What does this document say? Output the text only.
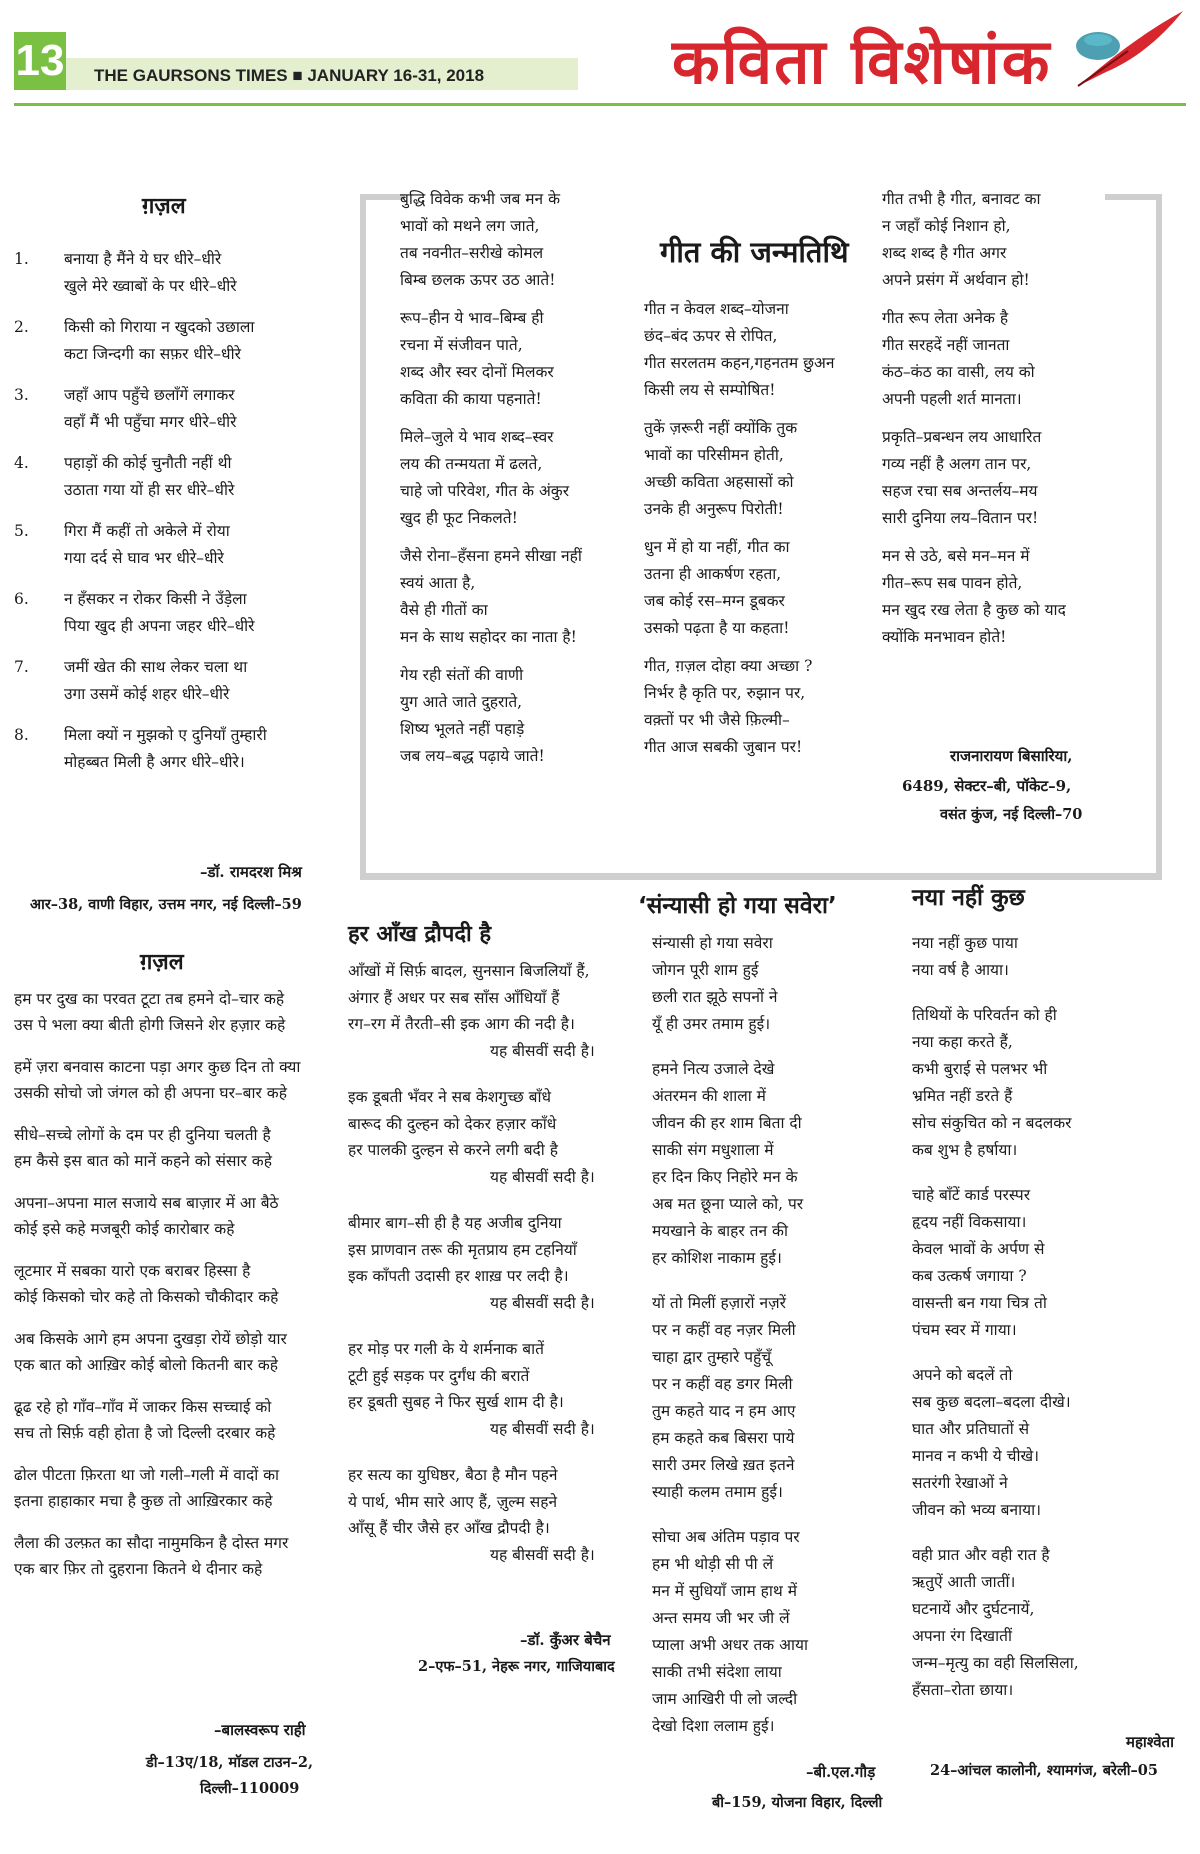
13 THE GAURSONS TIMES ■ JANUARY 16-31, 2018	कविता विशेषांक
ग़ज़ल
1.	बनाया है मैंने ये घर धीरे–धीरे
खुले मेरे ख्वाबों के पर धीरे–धीरे
2.	किसी को गिराया न खुदको उछाला
कटा जिन्दगी का सफ़र धीरे–धीरे
3.	जहाँ आप पहुँचे छलाँगें लगाकर
वहाँ मैं भी पहुँचा मगर धीरे–धीरे
4.	पहाड़ों की कोई चुनौती नहीं थी
उठाता गया यों ही सर धीरे–धीरे
5.	गिरा मैं कहीं तो अकेले में रोया
गया दर्द से घाव भर धीरे–धीरे
6.	न हँसकर न रोकर किसी ने उँड़ेला
पिया खुद ही अपना जहर धीरे–धीरे
7.	जमीं खेत की साथ लेकर चला था
उगा उसमें कोई शहर धीरे–धीरे
8.	मिला क्यों न मुझको ए दुनियाँ तुम्हारी
मोहब्बत मिली है अगर धीरे–धीरे।
–डॉ. रामदरश मिश्र
आर–38, वाणी विहार, उत्तम नगर, नई दिल्ली–59
ग़ज़ल
हम पर दुख का परवत टूटा तब हमने दो–चार कहे
उस पे भला क्या बीती होगी जिसने शेर हज़ार कहे
हमें ज़रा बनवास काटना पड़ा अगर कुछ दिन तो क्या
उसकी सोचो जो जंगल को ही अपना घर–बार कहे
सीधे–सच्चे लोगों के दम पर ही दुनिया चलती है
हम कैसे इस बात को मानें कहने को संसार कहे
अपना–अपना माल सजाये सब बाज़ार में आ बैठे
कोई इसे कहे मजबूरी कोई कारोबार कहे
लूटमार में सबका यारो एक बराबर हिस्सा है
कोई किसको चोर कहे तो किसको चौकीदार कहे
अब किसके आगे हम अपना दुखड़ा रोयें छोड़ो यार
एक बात को आख़िर कोई बोलो कितनी बार कहे
ढूढ रहे हो गाँव–गाँव में जाकर किस सच्चाई को
सच तो सिर्फ़ वही होता है जो दिल्ली दरबार कहे
ढोल पीटता फ़िरता था जो गली–गली में वादों का
इतना हाहाकार मचा है कुछ तो आख़िरकार कहे
लैला की उल्फ़त का सौदा नामुमकिन है दोस्त मगर
एक बार फ़िर तो दुहराना कितने थे दीनार कहे
–बालस्वरूप राही
डी–13ए/18, मॉडल टाउन–2,
दिल्ली–110009
गीत की जन्मतिथि
बुद्धि विवेक कभी जब मन के
भावों को मथने लग जाते,
तब नवनीत–सरीखे कोमल
बिम्ब छलक ऊपर उठ आते!
रूप–हीन ये भाव–बिम्ब ही
रचना में संजीवन पाते,
शब्द और स्वर दोनों मिलकर
कविता की काया पहनाते!
मिले–जुले ये भाव शब्द–स्वर
लय की तन्मयता में ढलते,
चाहे जो परिवेश, गीत के अंकुर
खुद ही फूट निकलते!
जैसे रोना–हँसना हमने सीखा नहीं
स्वयं आता है,
वैसे ही गीतों का
मन के साथ सहोदर का नाता है!
गेय रही संतों की वाणी
युग आते जाते दुहराते,
शिष्य भूलते नहीं पहाड़े
जब लय–बद्ध पढ़ाये जाते!
गीत न केवल शब्द–योजना
छंद–बंद ऊपर से रोपित,
गीत सरलतम कहन,गहनतम छुअन
किसी लय से सम्पोषित!
तुकें ज़रूरी नहीं क्योंकि तुक
भावों का परिसीमन होती,
अच्छी कविता अहसासों को
उनके ही अनुरूप पिरोती!
धुन में हो या नहीं, गीत का
उतना ही आकर्षण रहता,
जब कोई रस–मग्न डूबकर
उसको पढ़ता है या कहता!
गीत, ग़ज़ल दोहा क्या अच्छा ?
निर्भर है कृति पर, रुझान पर,
वक़्तों पर भी जैसे फ़िल्मी–
गीत आज सबकी जुबान पर!
गीत तभी है गीत, बनावट का
न जहाँ कोई निशान हो,
शब्द शब्द है गीत अगर
अपने प्रसंग में अर्थवान हो!
गीत रूप लेता अनेक है
गीत सरहदें नहीं जानता
कंठ–कंठ का वासी, लय को
अपनी पहली शर्त मानता।
प्रकृति–प्रबन्धन लय आधारित
गव्य नहीं है अलग तान पर,
सहज रचा सब अन्तर्लय–मय
सारी दुनिया लय–वितान पर!
मन से उठे, बसे मन–मन में
गीत–रूप सब पावन होते,
मन खुद रख लेता है कुछ को याद
क्योंकि मनभावन होते!
राजनारायण बिसारिया,
6489, सेक्टर–बी, पॉकेट–9,
वसंत कुंज, नई दिल्ली–70
हर आँख द्रौपदी है
आँखों में सिर्फ़ बादल, सुनसान बिजलियाँ हैं,
अंगार हैं अधर पर सब साँस आँधियाँ हैं
रग–रग में तैरती–सी इक आग की नदी है।
यह बीसवीं सदी है।
इक डूबती भँवर ने सब केशगुच्छ बाँधे
बारूद की दुल्हन को देकर हज़ार काँधे
हर पालकी दुल्हन से करने लगी बदी है
यह बीसवीं सदी है।
बीमार बाग–सी ही है यह अजीब दुनिया
इस प्राणवान तरू की मृतप्राय हम टहनियाँ
इक काँपती उदासी हर शाख़ पर लदी है।
यह बीसवीं सदी है।
हर मोड़ पर गली के ये शर्मनाक बातें
टूटी हुई सड़क पर दुर्गंध की बरातें
हर डूबती सुबह ने फिर सुर्ख शाम दी है।
यह बीसवीं सदी है।
हर सत्य का युधिष्ठर, बैठा है मौन पहने
ये पार्थ, भीम सारे आए हैं, ज़ुल्म सहने
आँसू हैं चीर जैसे हर आँख द्रौपदी है।
यह बीसवीं सदी है।
–डॉ. कुँअर बेचैन
2–एफ–51, नेहरू नगर, गाजियाबाद
‘संन्यासी हो गया सवेरा’
संन्यासी हो गया सवेरा
जोगन पूरी शाम हुई
छली रात झूठे सपनों ने
यूँ ही उमर तमाम हुई।
हमने नित्य उजाले देखे
अंतरमन की शाला में
जीवन की हर शाम बिता दी
साकी संग मधुशाला में
हर दिन किए निहोरे मन के
अब मत छूना प्याले को, पर
मयखाने के बाहर तन की
हर कोशिश नाकाम हुई।
यों तो मिलीं हज़ारों नज़रें
पर न कहीं वह नज़र मिली
चाहा द्वार तुम्हारे पहुँचूँ
पर न कहीं वह डगर मिली
तुम कहते याद न हम आए
हम कहते कब बिसरा पाये
सारी उमर लिखे ख़त इतने
स्याही कलम तमाम हुई।
सोचा अब अंतिम पड़ाव पर
हम भी थोड़ी सी पी लें
मन में सुधियाँ जाम हाथ में
अन्त समय जी भर जी लें
प्याला अभी अधर तक आया
साकी तभी संदेशा लाया
जाम आखिरी पी लो जल्दी
देखो दिशा ललाम हुई।
–बी.एल.गौड़
बी–159, योजना विहार, दिल्ली
नया नहीं कुछ
नया नहीं कुछ पाया
नया वर्ष है आया।
तिथियों के परिवर्तन को ही
नया कहा करते हैं,
कभी बुराई से पलभर भी
भ्रमित नहीं डरते हैं
सोच संकुचित को न बदलकर
कब शुभ है हर्षाया।
चाहे बाँटें कार्ड परस्पर
हृदय नहीं विकसाया।
केवल भावों के अर्पण से
कब उत्कर्ष जगाया ?
वासन्ती बन गया चित्र तो
पंचम स्वर में गाया।
अपने को बदलें तो
सब कुछ बदला–बदला दीखे।
घात और प्रतिघातों से
मानव न कभी ये चीखे।
सतरंगी रेखाओं ने
जीवन को भव्य बनाया।
वही प्रात और वही रात है
ऋतुऐं आती जातीं।
घटनायें और दुर्घटनायें,
अपना रंग दिखातीं
जन्म–मृत्यु का वही सिलसिला,
हँसता–रोता छाया।
महाश्वेता
24–आंचल कालोनी, श्यामगंज, बरेली–05
